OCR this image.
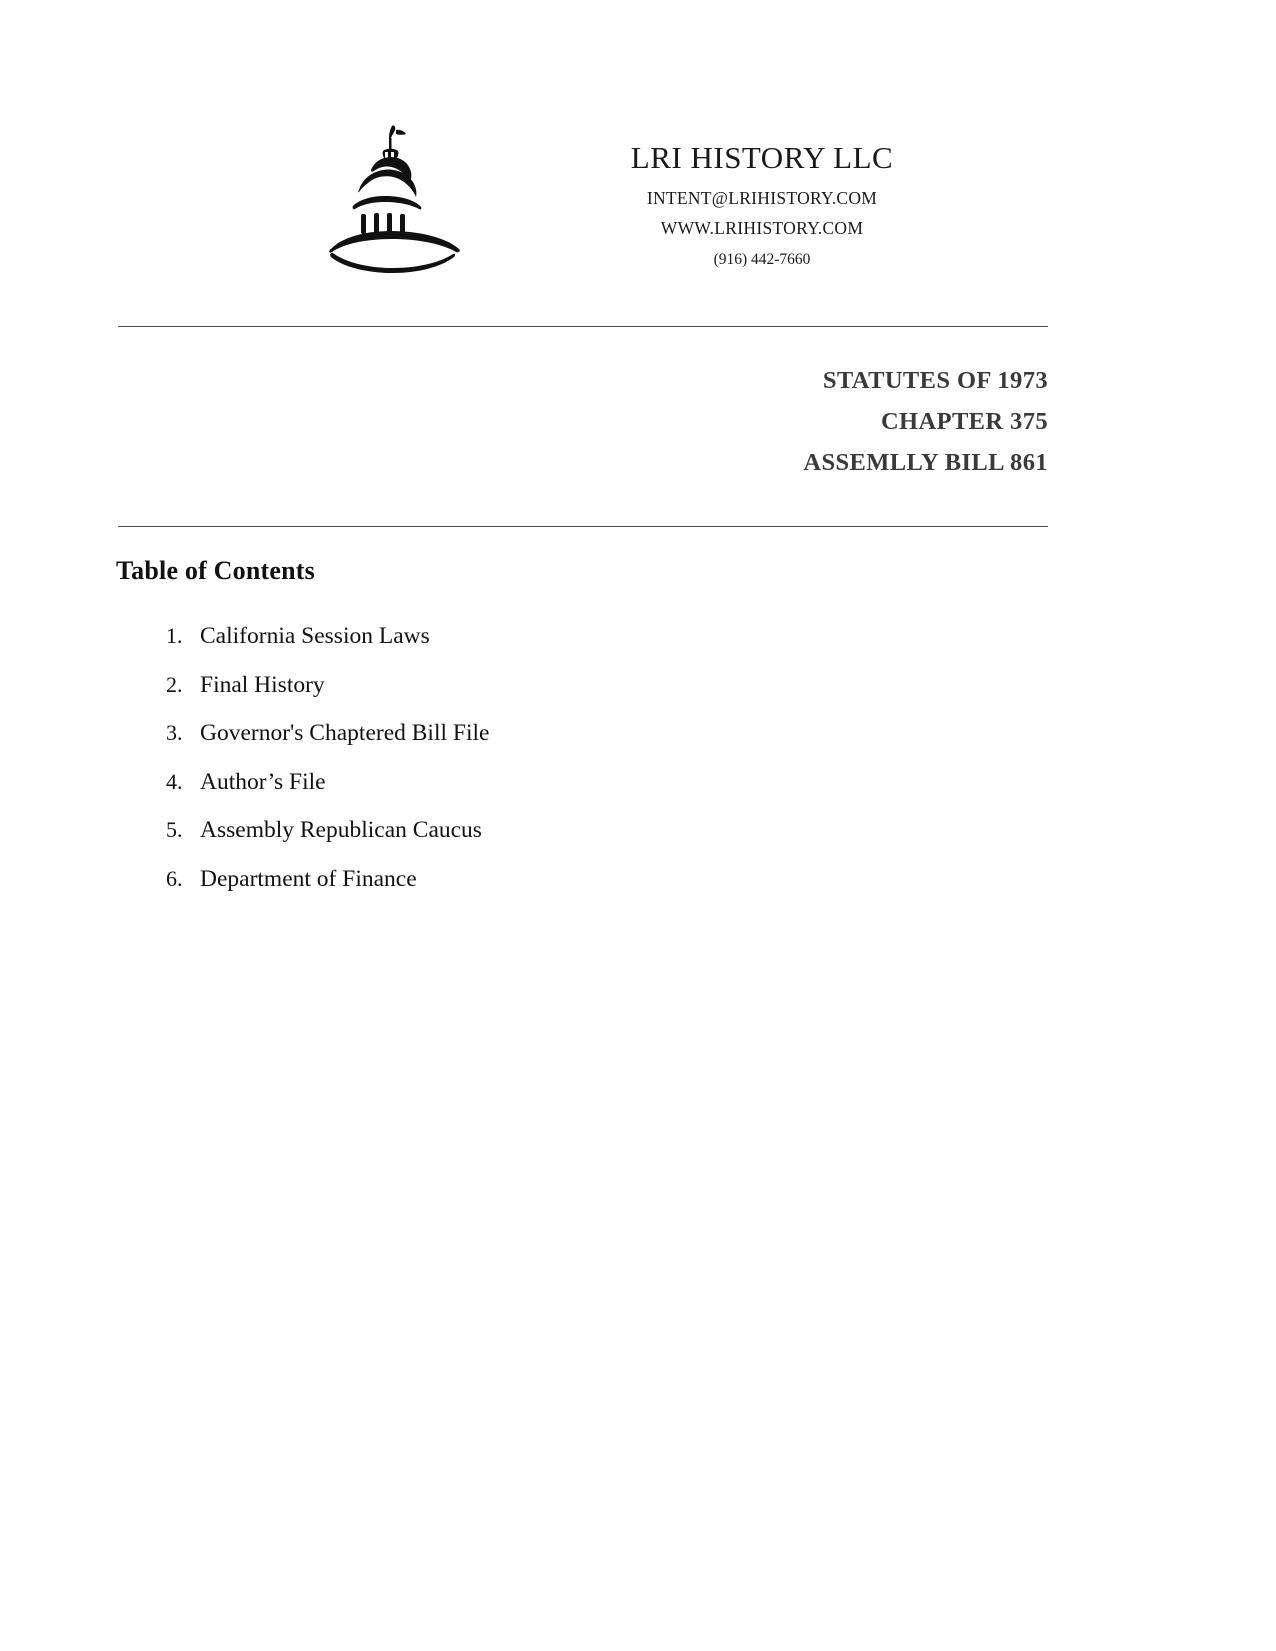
LRI HISTORY LLC
INTENT@LRIHISTORY.COM
WWW.LRIHISTORY.COM
(916) 442-7660
STATUTES OF 1973
CHAPTER 375
ASSEMLLY BILL 861
Table of Contents
1. California Session Laws
2. Final History
3. Governor's Chaptered Bill File
4. Author’s File
5. Assembly Republican Caucus
6. Department of Finance
